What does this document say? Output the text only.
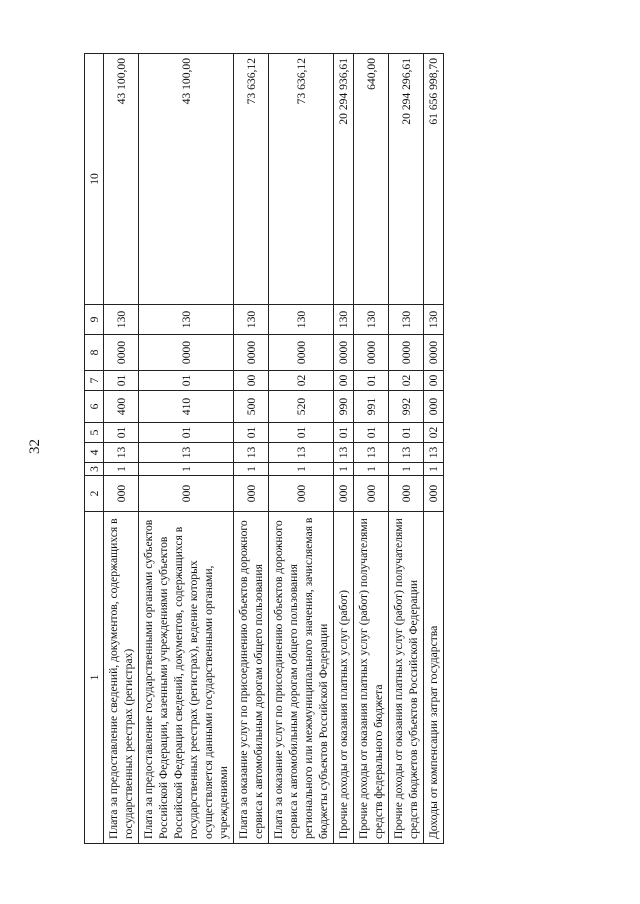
32
1	2	3	4	5	6	7	8	9	10
Плата за предоставление сведений, документов, содержащихся в государственных реестрах (регистрах)	000	1	13	01	400	01	0000	130	43 100,00
Плата за предоставление государственными органами субъектов Российской Федерации, казенными учреждениями субъектов Российской Федерации сведений, документов, содержащихся в государственных реестрах (регистрах), ведение которых осуществляется данными государственными органами, учреждениями	000	1	13	01	410	01	0000	130	43 100,00
Плата за оказание услуг по присоединению объектов дорожного сервиса к автомобильным дорогам общего пользования	000	1	13	01	500	00	0000	130	73 636,12
Плата за оказание услуг по присоединению объектов дорожного сервиса к автомобильным дорогам общего пользования регионального или межмуниципального значения, зачисляемая в бюджеты субъектов Российской Федерации	000	1	13	01	520	02	0000	130	73 636,12
Прочие доходы от оказания платных услуг (работ)	000	1	13	01	990	00	0000	130	20 294 936,61
Прочие доходы от оказания платных услуг (работ) получателями средств федерального бюджета	000	1	13	01	991	01	0000	130	640,00
Прочие доходы от оказания платных услуг (работ) получателями средств бюджетов субъектов Российской Федерации	000	1	13	01	992	02	0000	130	20 294 296,61
Доходы от компенсации затрат государства	000	1	13	02	000	00	0000	130	61 656 998,70
